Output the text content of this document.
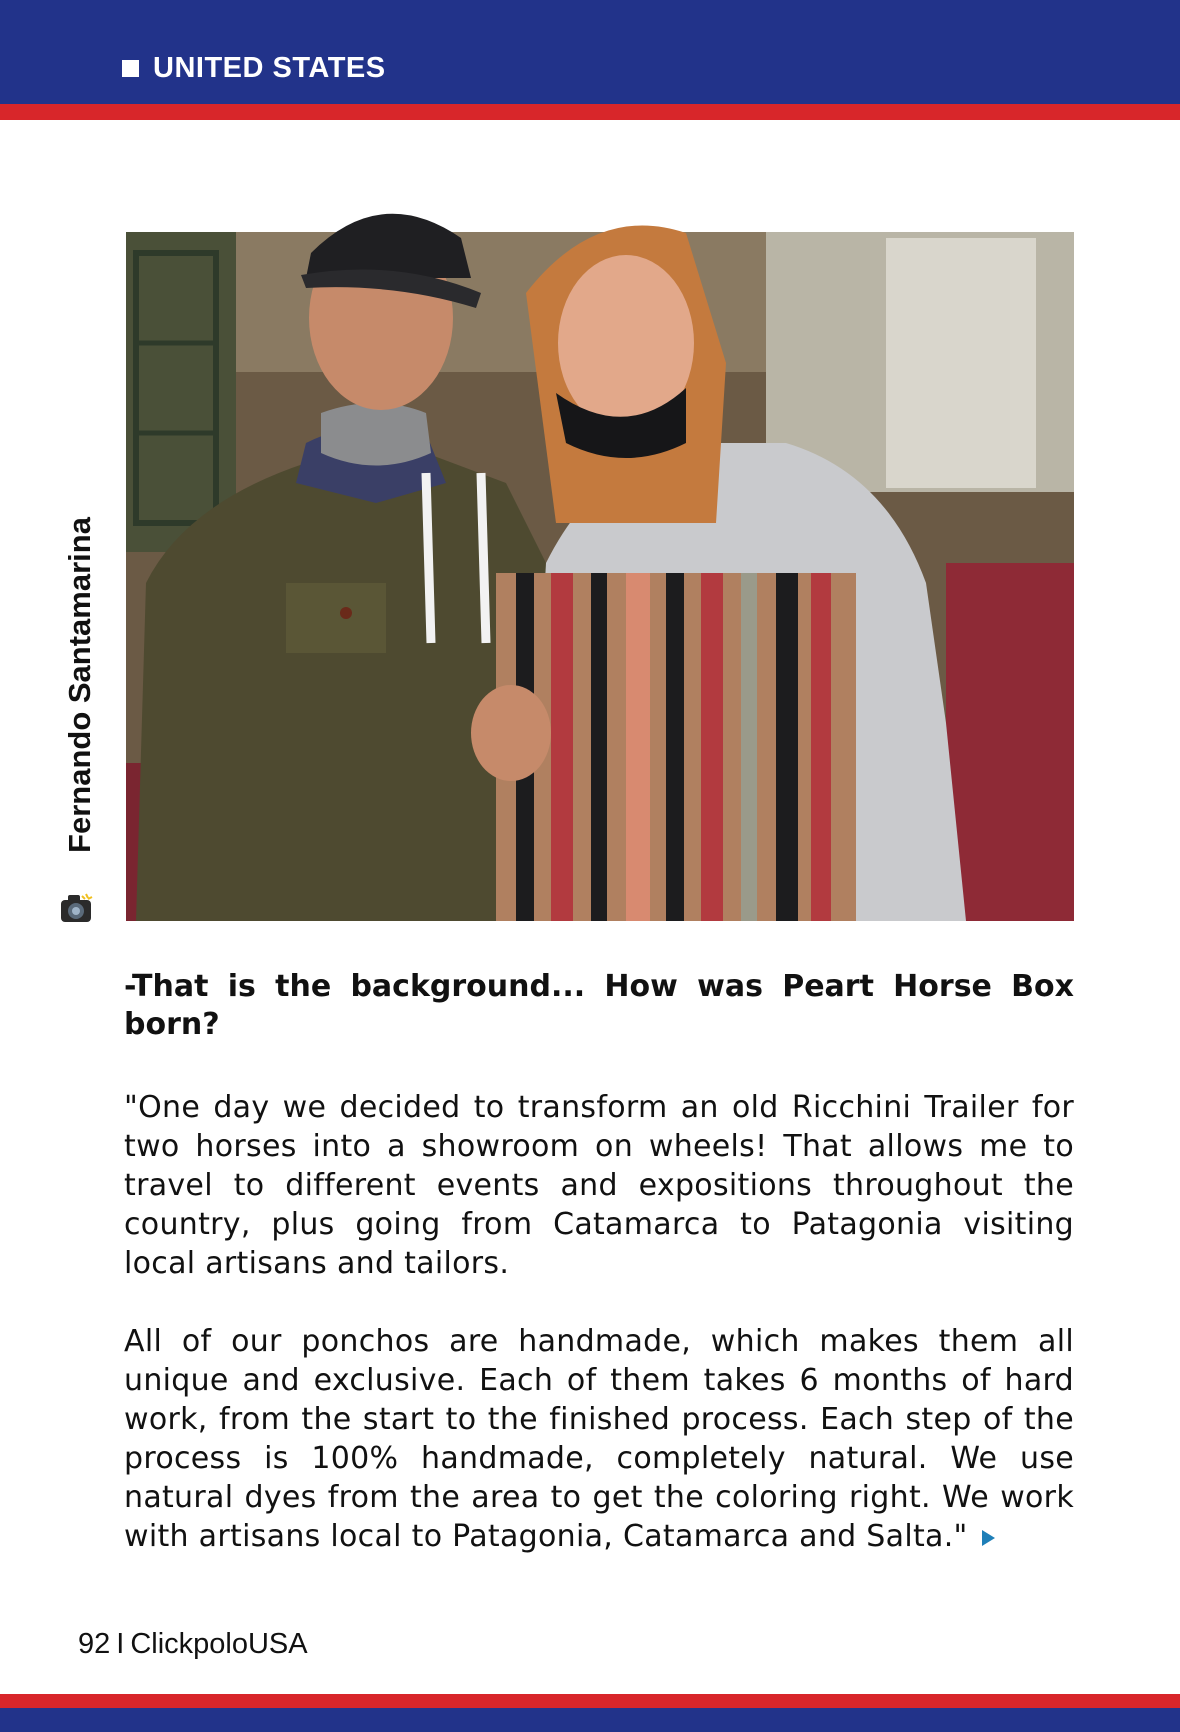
UNITED STATES
Fernando Santamarina

-That is the background... How was Peart Horse Box born?

"One day we decided to transform an old Ricchini Trailer for two horses into a showroom on wheels! That allows me to travel to different events and expositions throughout the country, plus going from Catamarca to Patagonia visiting local artisans and tailors.

All of our ponchos are handmade, which makes them all unique and exclusive. Each of them takes 6 months of hard work, from the start to the finished process. Each step of the process is 100% handmade, completely natural. We use natural dyes from the area to get the coloring right. We work with artisans local to Patagonia, Catamarca and Salta."

92 I ClickpoloUSA
